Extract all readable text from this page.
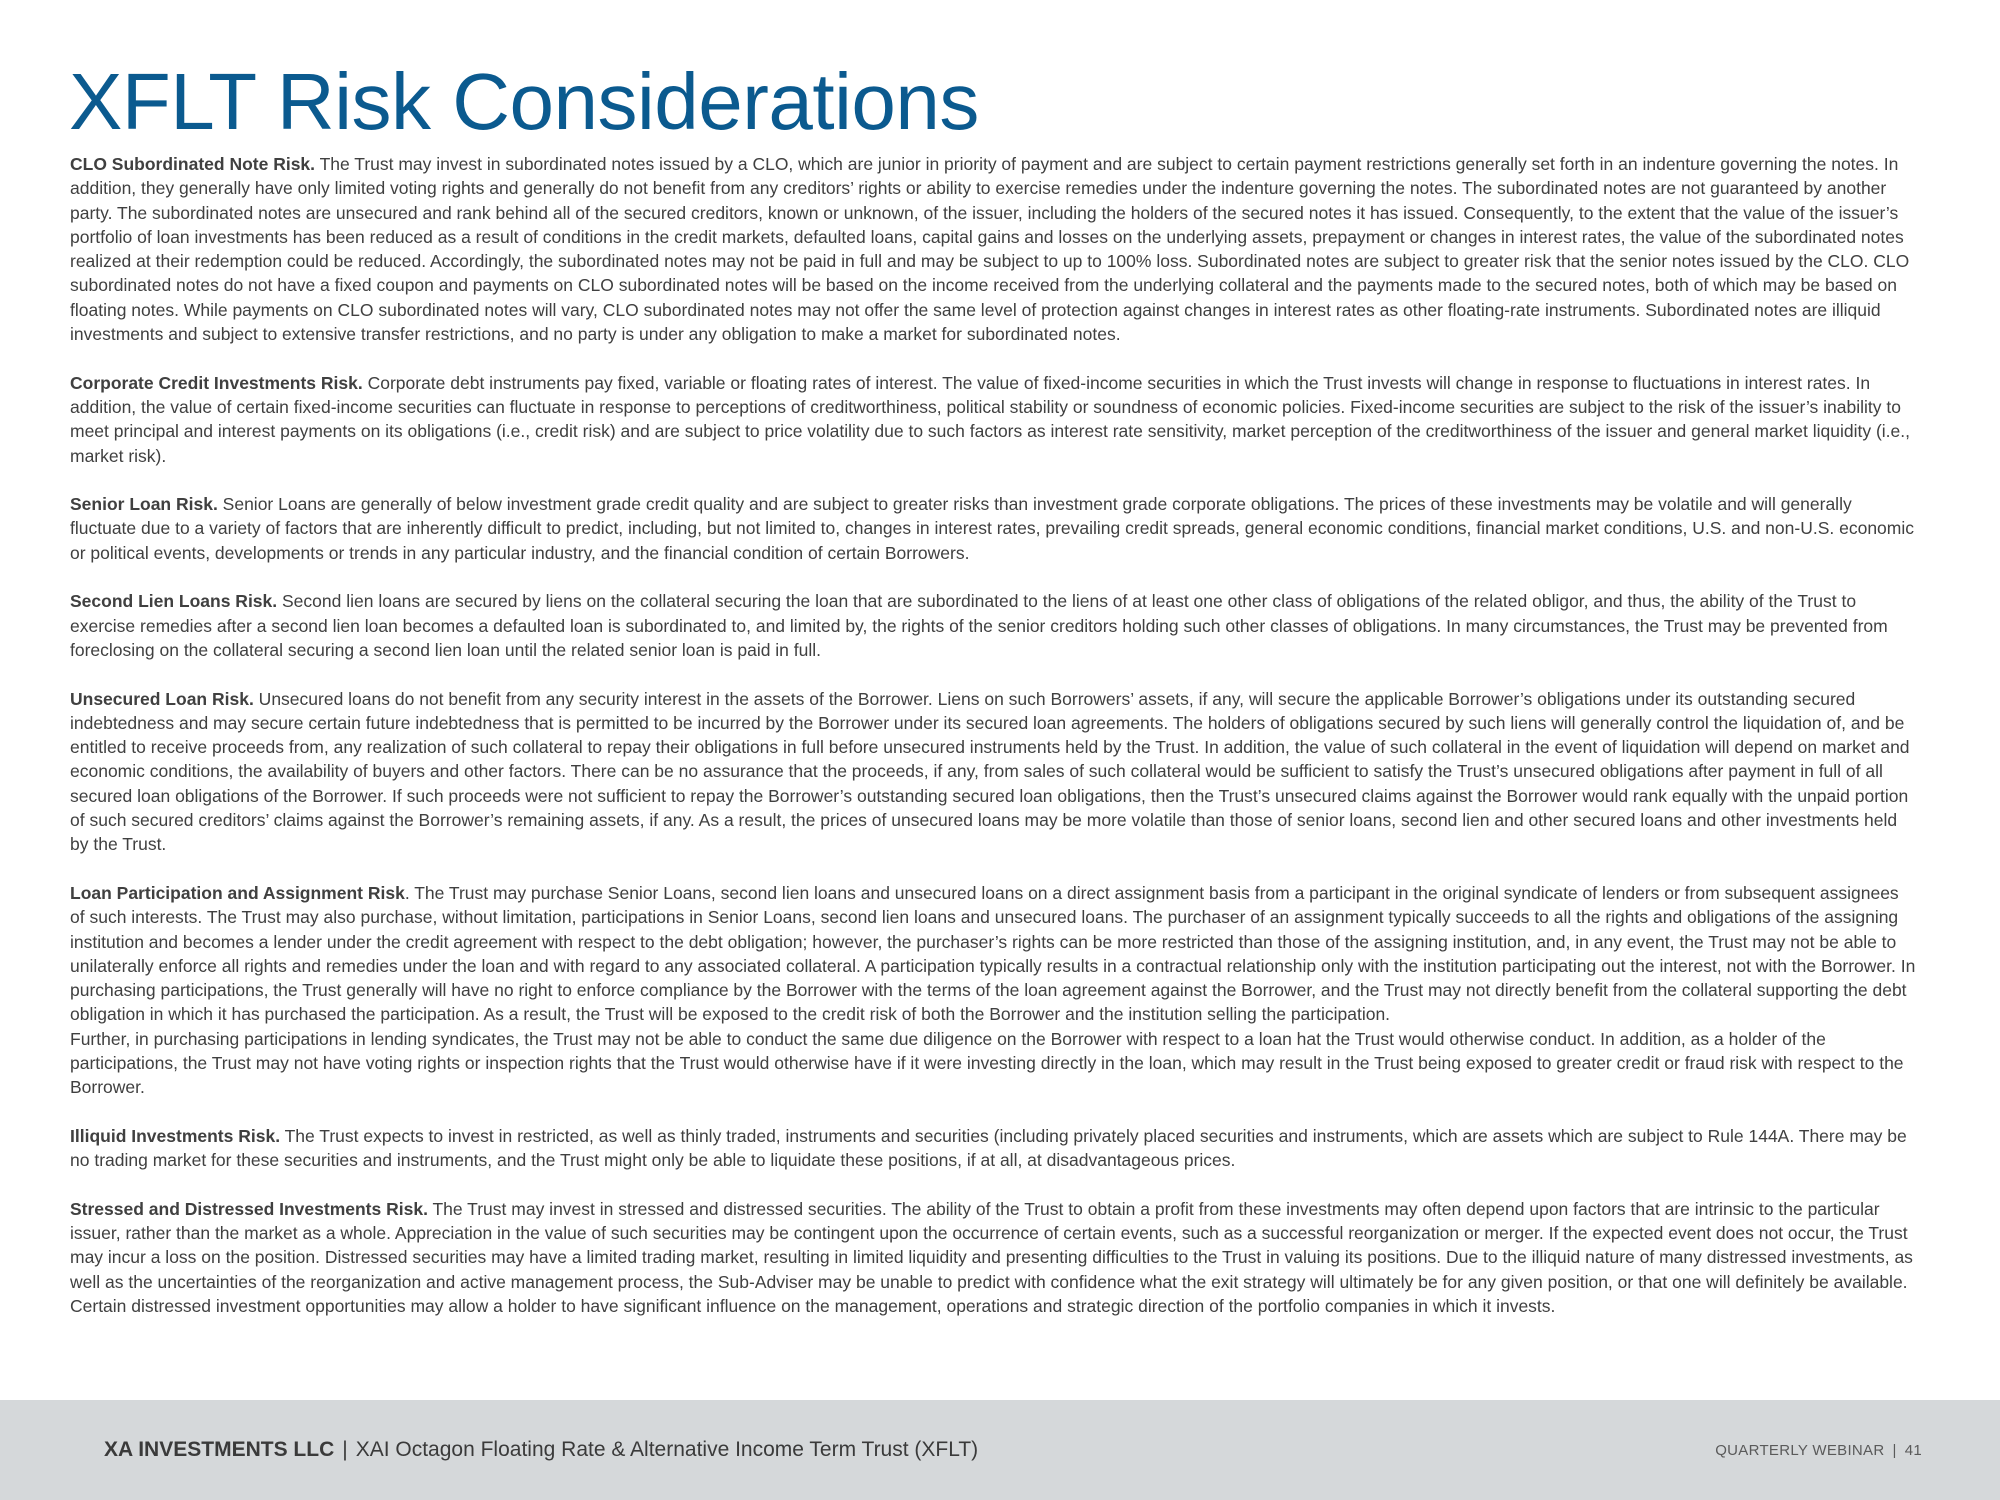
XFLT Risk Considerations

CLO Subordinated Note Risk. The Trust may invest in subordinated notes issued by a CLO, which are junior in priority of payment and are subject to certain payment restrictions generally set forth in an indenture governing the notes. In addition, they generally have only limited voting rights and generally do not benefit from any creditors’ rights or ability to exercise remedies under the indenture governing the notes. The subordinated notes are not guaranteed by another party. The subordinated notes are unsecured and rank behind all of the secured creditors, known or unknown, of the issuer, including the holders of the secured notes it has issued. Consequently, to the extent that the value of the issuer’s portfolio of loan investments has been reduced as a result of conditions in the credit markets, defaulted loans, capital gains and losses on the underlying assets, prepayment or changes in interest rates, the value of the subordinated notes realized at their redemption could be reduced. Accordingly, the subordinated notes may not be paid in full and may be subject to up to 100% loss. Subordinated notes are subject to greater risk that the senior notes issued by the CLO. CLO subordinated notes do not have a fixed coupon and payments on CLO subordinated notes will be based on the income received from the underlying collateral and the payments made to the secured notes, both of which may be based on floating notes. While payments on CLO subordinated notes will vary, CLO subordinated notes may not offer the same level of protection against changes in interest rates as other floating-rate instruments. Subordinated notes are illiquid investments and subject to extensive transfer restrictions, and no party is under any obligation to make a market for subordinated notes.

Corporate Credit Investments Risk. Corporate debt instruments pay fixed, variable or floating rates of interest. The value of fixed-income securities in which the Trust invests will change in response to fluctuations in interest rates. In addition, the value of certain fixed-income securities can fluctuate in response to perceptions of creditworthiness, political stability or soundness of economic policies. Fixed-income securities are subject to the risk of the issuer’s inability to meet principal and interest payments on its obligations (i.e., credit risk) and are subject to price volatility due to such factors as interest rate sensitivity, market perception of the creditworthiness of the issuer and general market liquidity (i.e., market risk).

Senior Loan Risk. Senior Loans are generally of below investment grade credit quality and are subject to greater risks than investment grade corporate obligations. The prices of these investments may be volatile and will generally fluctuate due to a variety of factors that are inherently difficult to predict, including, but not limited to, changes in interest rates, prevailing credit spreads, general economic conditions, financial market conditions, U.S. and non-U.S. economic or political events, developments or trends in any particular industry, and the financial condition of certain Borrowers.

Second Lien Loans Risk. Second lien loans are secured by liens on the collateral securing the loan that are subordinated to the liens of at least one other class of obligations of the related obligor, and thus, the ability of the Trust to exercise remedies after a second lien loan becomes a defaulted loan is subordinated to, and limited by, the rights of the senior creditors holding such other classes of obligations. In many circumstances, the Trust may be prevented from foreclosing on the collateral securing a second lien loan until the related senior loan is paid in full.

Unsecured Loan Risk. Unsecured loans do not benefit from any security interest in the assets of the Borrower. Liens on such Borrowers’ assets, if any, will secure the applicable Borrower’s obligations under its outstanding secured indebtedness and may secure certain future indebtedness that is permitted to be incurred by the Borrower under its secured loan agreements. The holders of obligations secured by such liens will generally control the liquidation of, and be entitled to receive proceeds from, any realization of such collateral to repay their obligations in full before unsecured instruments held by the Trust. In addition, the value of such collateral in the event of liquidation will depend on market and economic conditions, the availability of buyers and other factors. There can be no assurance that the proceeds, if any, from sales of such collateral would be sufficient to satisfy the Trust’s unsecured obligations after payment in full of all secured loan obligations of the Borrower. If such proceeds were not sufficient to repay the Borrower’s outstanding secured loan obligations, then the Trust’s unsecured claims against the Borrower would rank equally with the unpaid portion of such secured creditors’ claims against the Borrower’s remaining assets, if any. As a result, the prices of unsecured loans may be more volatile than those of senior loans, second lien and other secured loans and other investments held by the Trust.

Loan Participation and Assignment Risk. The Trust may purchase Senior Loans, second lien loans and unsecured loans on a direct assignment basis from a participant in the original syndicate of lenders or from subsequent assignees of such interests. The Trust may also purchase, without limitation, participations in Senior Loans, second lien loans and unsecured loans. The purchaser of an assignment typically succeeds to all the rights and obligations of the assigning institution and becomes a lender under the credit agreement with respect to the debt obligation; however, the purchaser’s rights can be more restricted than those of the assigning institution, and, in any event, the Trust may not be able to unilaterally enforce all rights and remedies under the loan and with regard to any associated collateral. A participation typically results in a contractual relationship only with the institution participating out the interest, not with the Borrower. In purchasing participations, the Trust generally will have no right to enforce compliance by the Borrower with the terms of the loan agreement against the Borrower, and the Trust may not directly benefit from the collateral supporting the debt obligation in which it has purchased the participation. As a result, the Trust will be exposed to the credit risk of both the Borrower and the institution selling the participation.

Further, in purchasing participations in lending syndicates, the Trust may not be able to conduct the same due diligence on the Borrower with respect to a loan hat the Trust would otherwise conduct. In addition, as a holder of the participations, the Trust may not have voting rights or inspection rights that the Trust would otherwise have if it were investing directly in the loan, which may result in the Trust being exposed to greater credit or fraud risk with respect to the Borrower.

Illiquid Investments Risk. The Trust expects to invest in restricted, as well as thinly traded, instruments and securities (including privately placed securities and instruments, which are assets which are subject to Rule 144A. There may be no trading market for these securities and instruments, and the Trust might only be able to liquidate these positions, if at all, at disadvantageous prices.

Stressed and Distressed Investments Risk. The Trust may invest in stressed and distressed securities. The ability of the Trust to obtain a profit from these investments may often depend upon factors that are intrinsic to the particular issuer, rather than the market as a whole. Appreciation in the value of such securities may be contingent upon the occurrence of certain events, such as a successful reorganization or merger. If the expected event does not occur, the Trust may incur a loss on the position. Distressed securities may have a limited trading market, resulting in limited liquidity and presenting difficulties to the Trust in valuing its positions. Due to the illiquid nature of many distressed investments, as well as the uncertainties of the reorganization and active management process, the Sub-Adviser may be unable to predict with confidence what the exit strategy will ultimately be for any given position, or that one will definitely be available. Certain distressed investment opportunities may allow a holder to have significant influence on the management, operations and strategic direction of the portfolio companies in which it invests.

XA INVESTMENTS LLC | XAI Octagon Floating Rate & Alternative Income Term Trust (XFLT)	QUARTERLY WEBINAR | 41
